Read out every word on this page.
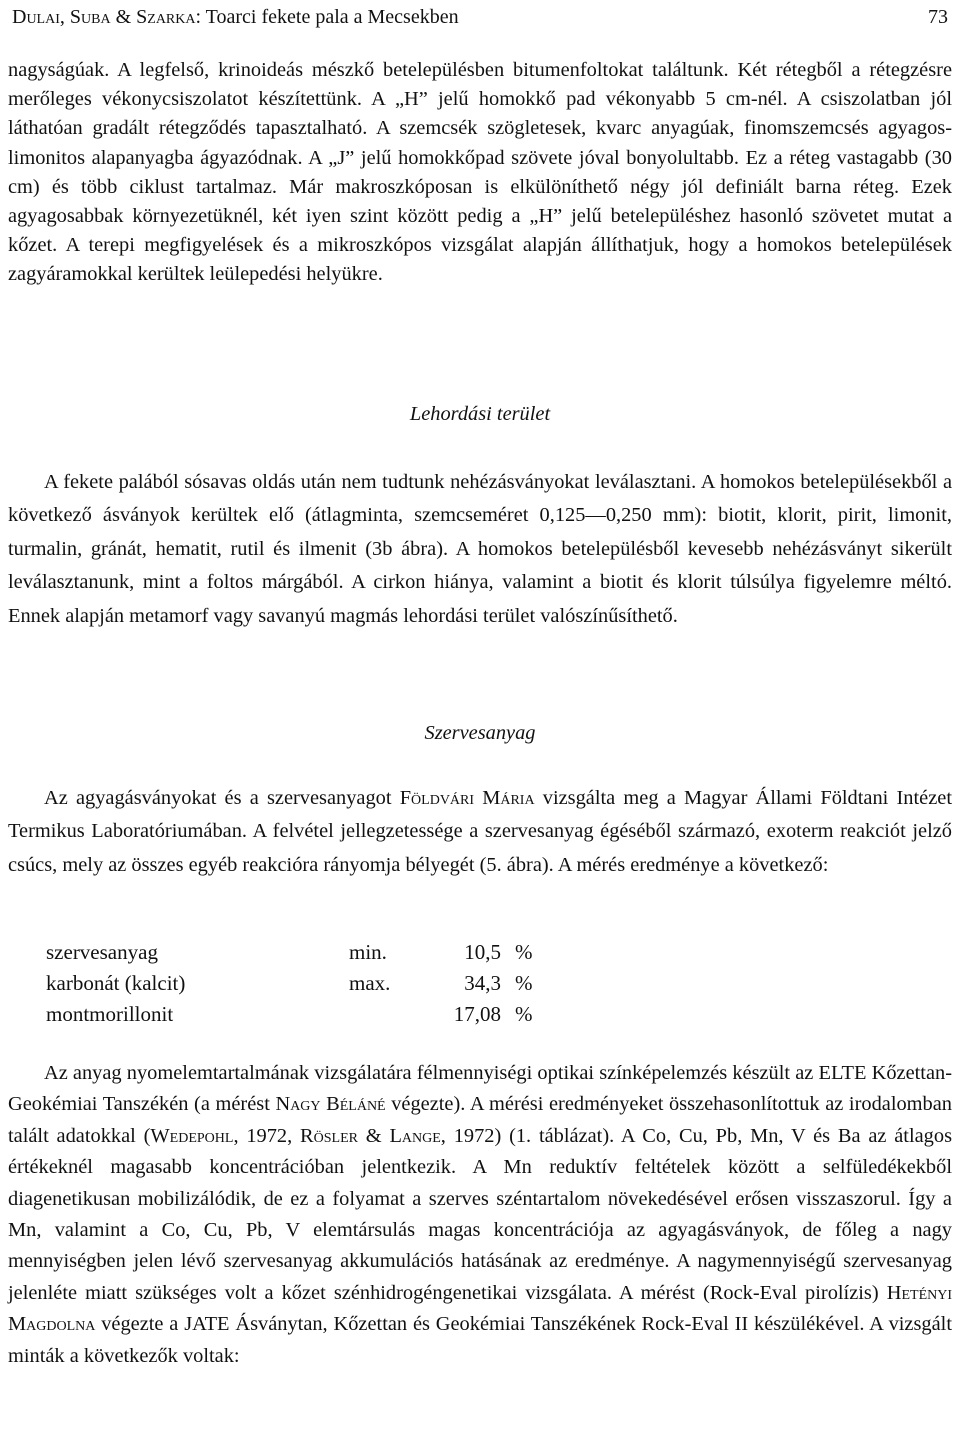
Dulai, Suba & Szarka: Toarci fekete pala a Mecsekben	73

nagyságúak. A legfelső, krinoideás mészkő betelepülésben bitumenfoltokat találtunk. Két rétegből a rétegzésre merőleges vékonycsiszolatot készítettünk. A „H” jelű homokkő pad vékonyabb 5 cm-nél. A csiszolatban jól láthatóan gradált rétegződés tapasztalható. A szemcsék szögletesek, kvarc anyagúak, finomszemcsés agyagos-limonitos alapanyagba ágyazódnak. A „J” jelű homokkőpad szövete jóval bonyolultabb. Ez a réteg vastagabb (30 cm) és több ciklust tartalmaz. Már makroszkóposan is elkülöníthető négy jól definiált barna réteg. Ezek agyagosabbak környezetüknél, két iyen szint között pedig a „H” jelű betelepüléshez hasonló szövetet mutat a kőzet. A terepi megfigyelések és a mikroszkópos vizsgálat alapján állíthatjuk, hogy a homokos betelepülések zagyáramokkal kerültek leülepedési helyükre.

Lehordási terület

A fekete palából sósavas oldás után nem tudtunk nehézásványokat leválasztani. A homokos betelepülésekből a következő ásványok kerültek elő (átlagminta, szemcseméret 0,125—0,250 mm): biotit, klorit, pirit, limonit, turmalin, gránát, hematit, rutil és ilmenit (3b ábra). A homokos betelepülésből kevesebb nehézásványt sikerült leválasztanunk, mint a foltos márgából. A cirkon hiánya, valamint a biotit és klorit túlsúlya figyelemre méltó. Ennek alapján metamorf vagy savanyú magmás lehordási terület valószínűsíthető.

Szervesanyag

Az agyagásványokat és a szervesanyagot Földvári Mária vizsgálta meg a Magyar Állami Földtani Intézet Termikus Laboratóriumában. A felvétel jellegzetessége a szervesanyag égéséből származó, exoterm reakciót jelző csúcs, mely az összes egyéb reakcióra rányomja bélyegét (5. ábra). A mérés eredménye a következő:

szervesanyag	min.	10,5	%
karbonát (kalcit)	max.	34,3	%
montmorillonit		17,08	%

Az anyag nyomelemtartalmának vizsgálatára félmennyiségi optikai színképelemzés készült az ELTE Kőzettan-Geokémiai Tanszékén (a mérést Nagy Béláné végezte). A mérési eredményeket összehasonlítottuk az irodalomban talált adatokkal (Wedepohl, 1972, Rösler & Lange, 1972) (1. táblázat). A Co, Cu, Pb, Mn, V és Ba az átlagos értékeknél magasabb koncentrációban jelentkezik. A Mn reduktív feltételek között a selfüledékekből diagenetikusan mobilizálódik, de ez a folyamat a szerves széntartalom növekedésével erősen visszaszorul. Így a Mn, valamint a Co, Cu, Pb, V elemtársulás magas koncentrációja az agyagásványok, de főleg a nagy mennyiségben jelen lévő szervesanyag akkumulációs hatásának az eredménye. A nagymennyiségű szervesanyag jelenléte miatt szükséges volt a kőzet szénhidrogéngenetikai vizsgálata. A mérést (Rock-Eval pirolízis) Hetényi Magdolna végezte a JATE Ásványtan, Kőzettan és Geokémiai Tanszékének Rock-Eval II készülékével. A vizsgált minták a következők voltak:
